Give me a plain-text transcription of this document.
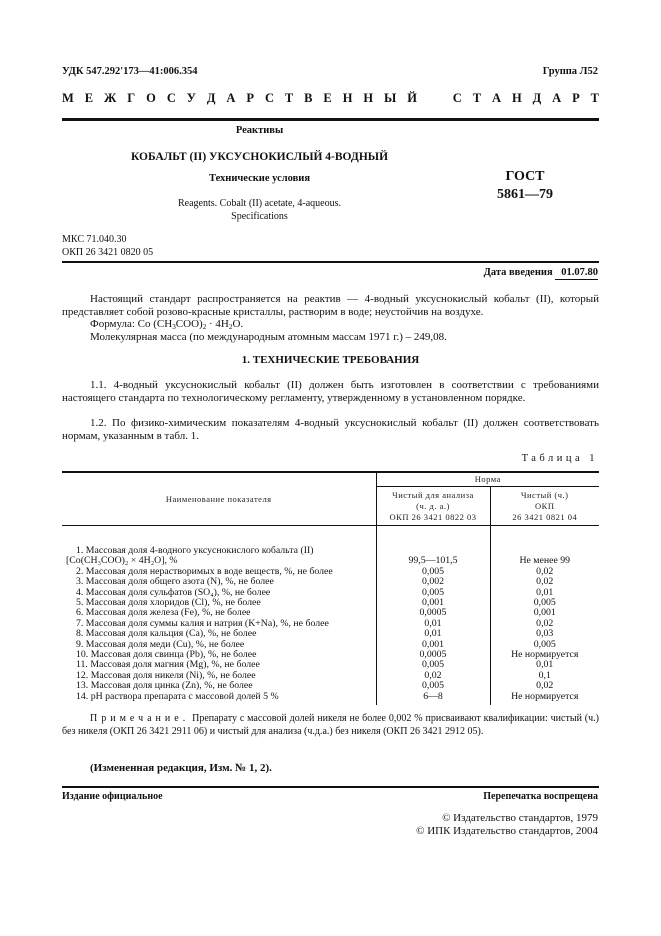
УДК 547.292'173—41:006.354	Группа Л52
М Е Ж Г О С У Д А Р С Т В Е Н Н Ы Й	С Т А Н Д А Р Т
Реактивы
КОБАЛЬТ (II) УКСУСНОКИСЛЫЙ 4-ВОДНЫЙ
Технические условия
Reagents. Cobalt (II) acetate, 4-aqueous.
Specifications
ГОСТ
5861—79
МКС 71.040.30
ОКП 26 3421 0820 05
Дата введения 01.07.80
Настоящий стандарт распространяется на реактив — 4-водный уксуснокислый кобальт (II), который представляет собой розово-красные кристаллы, растворим в воде; неустойчив на воздухе.
Формула: Co $(CH_3COO)_2 \cdot 4H_2O$.
Молекулярная масса (по международным атомным массам 1971 г.) – 249,08.
1. ТЕХНИЧЕСКИЕ ТРЕБОВАНИЯ
1.1. 4-водный уксуснокислый кобальт (II) должен быть изготовлен в соответствии с требованиями настоящего стандарта по технологическому регламенту, утвержденному в установленном порядке.
1.2. По физико-химическим показателям 4-водный уксуснокислый кобальт (II) должен соответствовать нормам, указанным в табл. 1.
Таблица 1
Наименование показателя	Норма	

Чистый для анализа
(ч. д. а.)
ОКП 26 3421 0822 03

Чистый (ч.)
ОКП
26 3421 0821 04

1. Массовая доля 4-водного уксуснокислого кобальта (II)
[Co(CH₃COO)₂ × 4H₂O], %	99,5—101,5	Не менее 99
2. Массовая доля нерастворимых в воде веществ, %, не более	0,005	0,02
3. Массовая доля общего азота (N), %, не более	0,002	0,02
4. Массовая доля сульфатов (SO₄), %, не более	0,005	0,01
5. Массовая доля хлоридов (Cl), %, не более	0,001	0,005
6. Массовая доля железа (Fe), %, не более	0,0005	0,001
7. Массовая доля суммы калия и натрия (K+Na), %, не более	0,01	0,02
8. Массовая доля кальция (Ca), %, не более	0,01	0,03
9. Массовая доля меди (Cu), %, не более	0,001	0,005
10. Массовая доля свинца (Pb), %, не более	0,0005	Не нормируется
11. Массовая доля магния (Mg), %, не более	0,005	0,01
12. Массовая доля никеля (Ni), %, не более	0,02	0,1
13. Массовая доля цинка (Zn), %, не более	0,005	0,02
14. pH раствора препарата с массовой долей 5 %	6—8	Не нормируется
Примечание. Препарату с массовой долей никеля не более 0,002 % присваивают квалификации: чистый (ч.) без никеля (ОКП 26 3421 2911 06) и чистый для анализа (ч.д.а.) без никеля (ОКП 26 3421 2912 05).
(Измененная редакция, Изм. № 1, 2).
Издание официальное	Перепечатка воспрещена
© Издательство стандартов, 1979
© ИПК Издательство стандартов, 2004
